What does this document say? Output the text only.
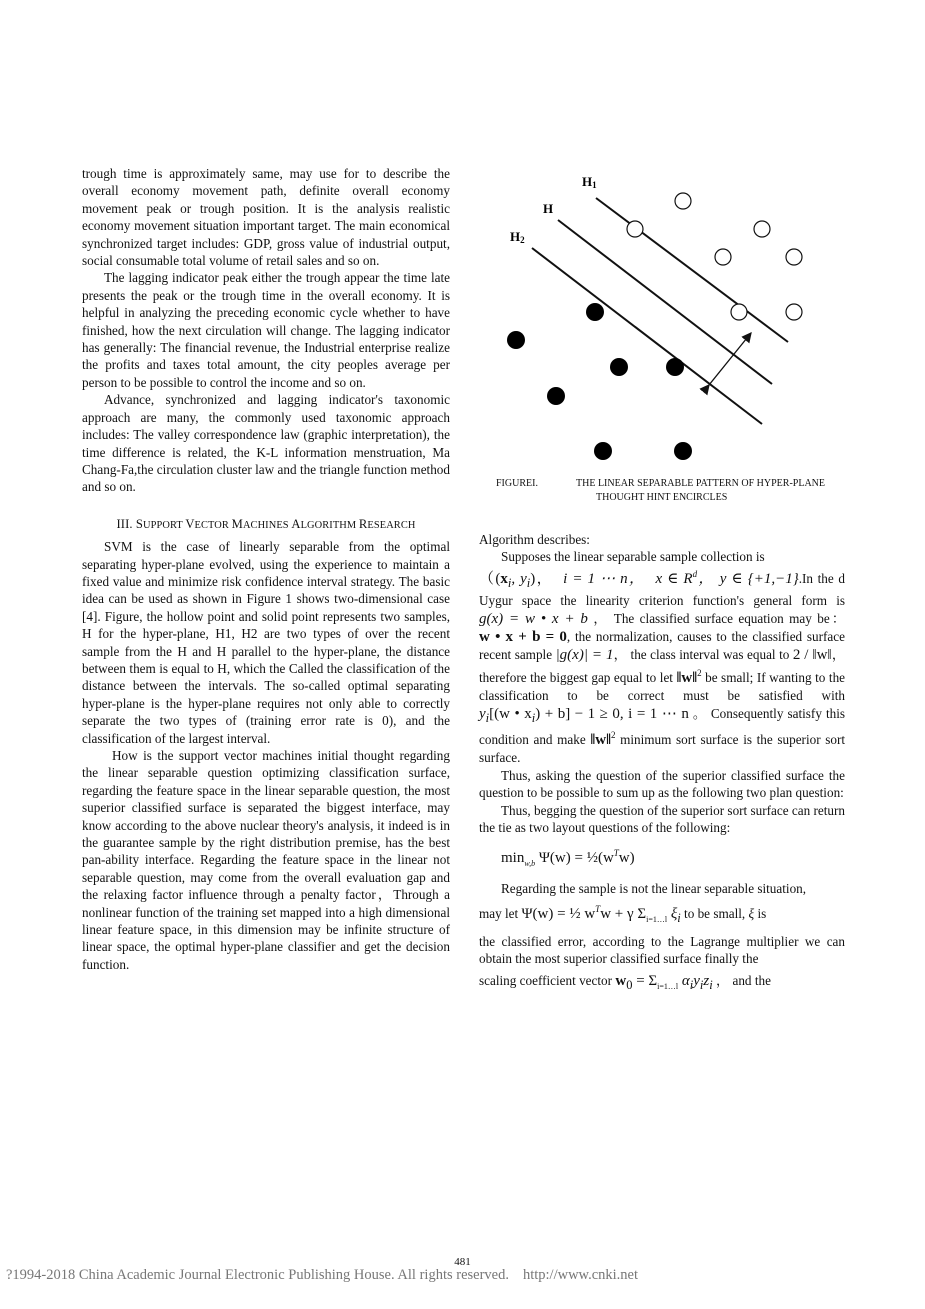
trough time is approximately same, may use for to describe the overall economy movement path, definite overall economy movement peak or trough position. It is the analysis realistic economy movement situation important target. The main economical synchronized target includes: GDP, gross value of industrial output, social consumable total volume of retail sales and so on.

The lagging indicator peak either the trough appear the time late presents the peak or the trough time in the overall economy. It is helpful in analyzing the preceding economic cycle whether to have finished, how the next circulation will change. The lagging indicator has generally: The financial revenue, the Industrial enterprise realize the profits and taxes total amount, the city peoples average per person to be possible to control the income and so on.

Advance, synchronized and lagging indicator's taxonomic approach are many, the commonly used taxonomic approach includes: The valley correspondence law (graphic interpretation), the time difference is related, the K-L information menstruation, Ma Chang-Fa,the circulation cluster law and the triangle function method and so on.

III. SUPPORT VECTOR MACHINES ALGORITHM RESEARCH

SVM is the case of linearly separable from the optimal separating hyper-plane evolved, using the experience to maintain a fixed value and minimize risk confidence interval strategy. The basic idea can be used as shown in Figure 1 shows two-dimensional case [4]. Figure, the hollow point and solid point represents two samples, H for the hyper-plane, H1, H2 are two types of over the recent sample from the H and H parallel to the hyper-plane, the distance between them is equal to H, which the Called the classification of the distance between the intervals. The so-called optimal separating hyper-plane is the hyper-plane requires not only able to correctly separate the two types of (training error rate is 0), and the classification of the largest interval.

How is the support vector machines initial thought regarding the linear separable question optimizing classification surface, regarding the feature space in the linear separable question, the most superior classified surface is separated the biggest interface, may know according to the above nuclear theory's analysis, it indeed is in the guarantee sample by the right distribution premise, has the best pan-ability interface. Regarding the feature space in the linear not separable question, may come from the overall evaluation gap and the relaxing factor influence through a penalty factor，Through a nonlinear function of the training set mapped into a high dimensional linear feature space, in this dimension may be infinite structure of linear space, the optimal hyper-plane classifier and get the decision function.

H1
H
H2
FIGUREI.	THE LINEAR SEPARABLE PATTERN OF HYPER-PLANE
THOUGHT HINT ENCIRCLES

Algorithm describes:

Supposes the linear separable sample collection is
（($x_i$, $y_i$)， i = 1 ⋯ n， x ∈ $R^d$， y ∈ {+1,−1}.In the d Uygur space the linearity criterion function's general form is g(x) = w • x + b ， The classified surface equation may be： w • x + b = 0, the normalization, causes to the classified surface recent sample |g(x)| = 1， the class interval was equal to 2 / ‖w‖， therefore the biggest gap equal to let ‖w‖$^2$ be small; If wanting to the classification to be correct must be satisfied with $y_i[(w$ • $x_i) + b] - 1 \ge 0$, i = 1 ⋯ n 。 Consequently satisfy this condition and make ‖w‖$^2$ minimum sort surface is the superior sort surface.

Thus, asking the question of the superior classified surface the question to be possible to sum up as the following two plan question:

Thus, begging the question of the superior sort surface can return the tie as two layout questions of the following:

$\min_{w,b} \Psi(w)$ = $\frac{1}{2}(w^Tw)$

Regarding the sample is not the linear separable situation,

may let Ψ(w) = ½ $w^Tw + \gamma$ $\Sigma_{i=1\dots l}$ $\xi_i$ to be small, ξ is

the classified error, according to the Lagrange multiplier we can obtain the most superior classified surface finally the

scaling coefficient vector $w_0 = \Sigma_{i=1\dots l}$ $\alpha_iy_iz_i$ ， and the

481
?1994-2018 China Academic Journal Electronic Publishing House. All rights reserved. http://www.cnki.net
